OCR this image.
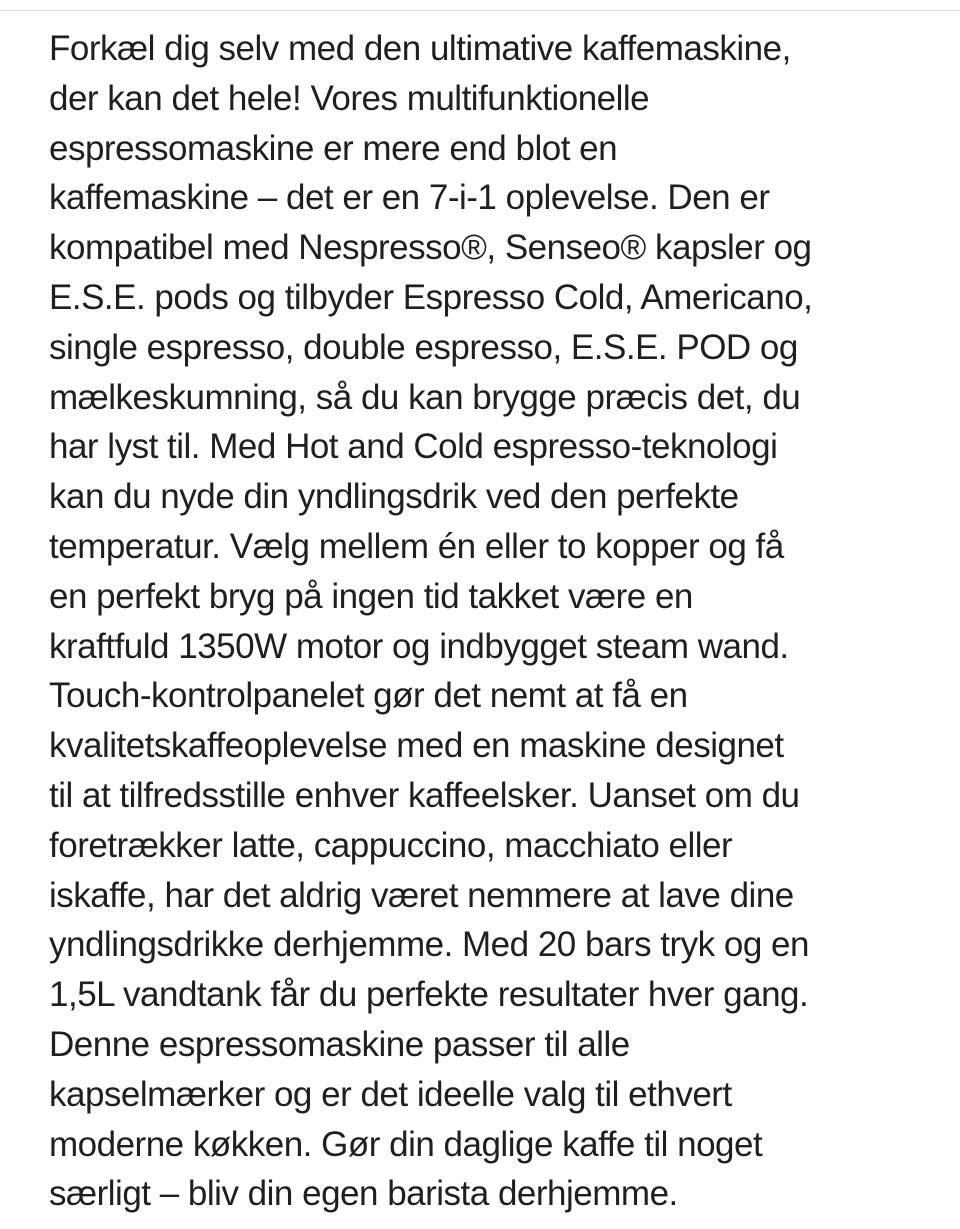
Forkæl dig selv med den ultimative kaffemaskine,
der kan det hele! Vores multifunktionelle
espressomaskine er mere end blot en
kaffemaskine – det er en 7-i-1 oplevelse. Den er
kompatibel med Nespresso®, Senseo® kapsler og
E.S.E. pods og tilbyder Espresso Cold, Americano,
single espresso, double espresso, E.S.E. POD og
mælkeskumning, så du kan brygge præcis det, du
har lyst til. Med Hot and Cold espresso-teknologi
kan du nyde din yndlingsdrik ved den perfekte
temperatur. Vælg mellem én eller to kopper og få
en perfekt bryg på ingen tid takket være en
kraftfuld 1350W motor og indbygget steam wand.
Touch-kontrolpanelet gør det nemt at få en
kvalitetskaffeoplevelse med en maskine designet
til at tilfredsstille enhver kaffeelsker. Uanset om du
foretrækker latte, cappuccino, macchiato eller
iskaffe, har det aldrig været nemmere at lave dine
yndlingsdrikke derhjemme. Med 20 bars tryk og en
1,5L vandtank får du perfekte resultater hver gang.
Denne espressomaskine passer til alle
kapselmærker og er det ideelle valg til ethvert
moderne køkken. Gør din daglige kaffe til noget
særligt – bliv din egen barista derhjemme.
